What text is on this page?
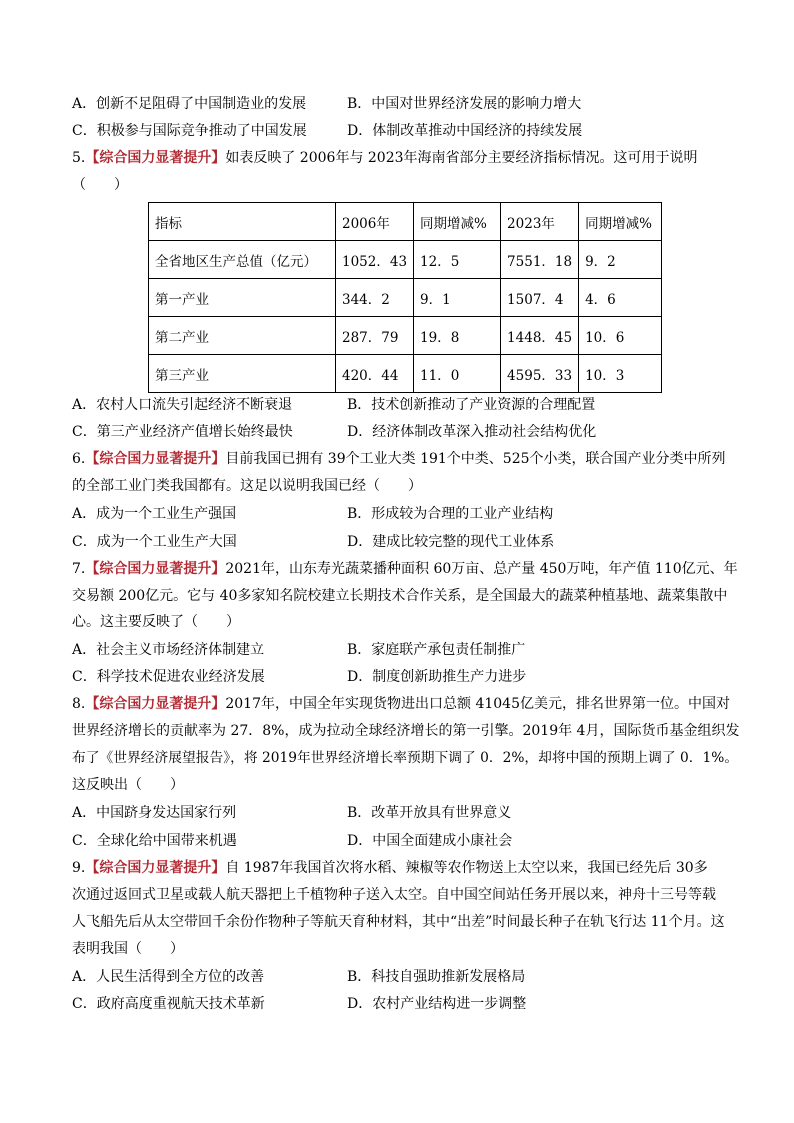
A．创新不足阻碍了中国制造业的发展	B．中国对世界经济发展的影响力增大
C．积极参与国际竞争推动了中国发展	D．体制改革推动中国经济的持续发展
5.【综合国力显著提升】如表反映了 2006年与 2023年海南省部分主要经济指标情况。这可用于说明
（　　）
指标	2006年	同期增减%	2023年	同期增减%
全省地区生产总值（亿元）	1052．43	12．5	7551．18	9．2
第一产业	344．2	9．1	1507．4	4．6
第二产业	287．79	19．8	1448．45	10．6
第三产业	420．44	11．0	4595．33	10．3
A．农村人口流失引起经济不断衰退	B．技术创新推动了产业资源的合理配置
C．第三产业经济产值增长始终最快	D．经济体制改革深入推动社会结构优化
6.【综合国力显著提升】目前我国已拥有 39个工业大类 191个中类、525个小类，联合国产业分类中所列
的全部工业门类我国都有。这足以说明我国已经（　　）
A．成为一个工业生产强国	B．形成较为合理的工业产业结构
C．成为一个工业生产大国	D．建成比较完整的现代工业体系
7.【综合国力显著提升】2021年，山东寿光蔬菜播种面积 60万亩、总产量 450万吨，年产值 110亿元、年
交易额 200亿元。它与 40多家知名院校建立长期技术合作关系，是全国最大的蔬菜种植基地、蔬菜集散中
心。这主要反映了（　　）
A．社会主义市场经济体制建立	B．家庭联产承包责任制推广
C．科学技术促进农业经济发展	D．制度创新助推生产力进步
8.【综合国力显著提升】2017年，中国全年实现货物进出口总额 41045亿美元，排名世界第一位。中国对
世界经济增长的贡献率为 27．8%，成为拉动全球经济增长的第一引擎。2019年 4月，国际货币基金组织发
布了《世界经济展望报告》，将 2019年世界经济增长率预期下调了 0．2%，却将中国的预期上调了 0．1%。
这反映出（　　）
A．中国跻身发达国家行列	B．改革开放具有世界意义
C．全球化给中国带来机遇	D．中国全面建成小康社会
9.【综合国力显著提升】自 1987年我国首次将水稻、辣椒等农作物送上太空以来，我国已经先后 30多
次通过返回式卫星或载人航天器把上千植物种子送入太空。自中国空间站任务开展以来，神舟十三号等载
人飞船先后从太空带回千余份作物种子等航天育种材料，其中“出差”时间最长种子在轨飞行达 11个月。这
表明我国（　　）
A．人民生活得到全方位的改善	B．科技自强助推新发展格局
C．政府高度重视航天技术革新	D．农村产业结构进一步调整
